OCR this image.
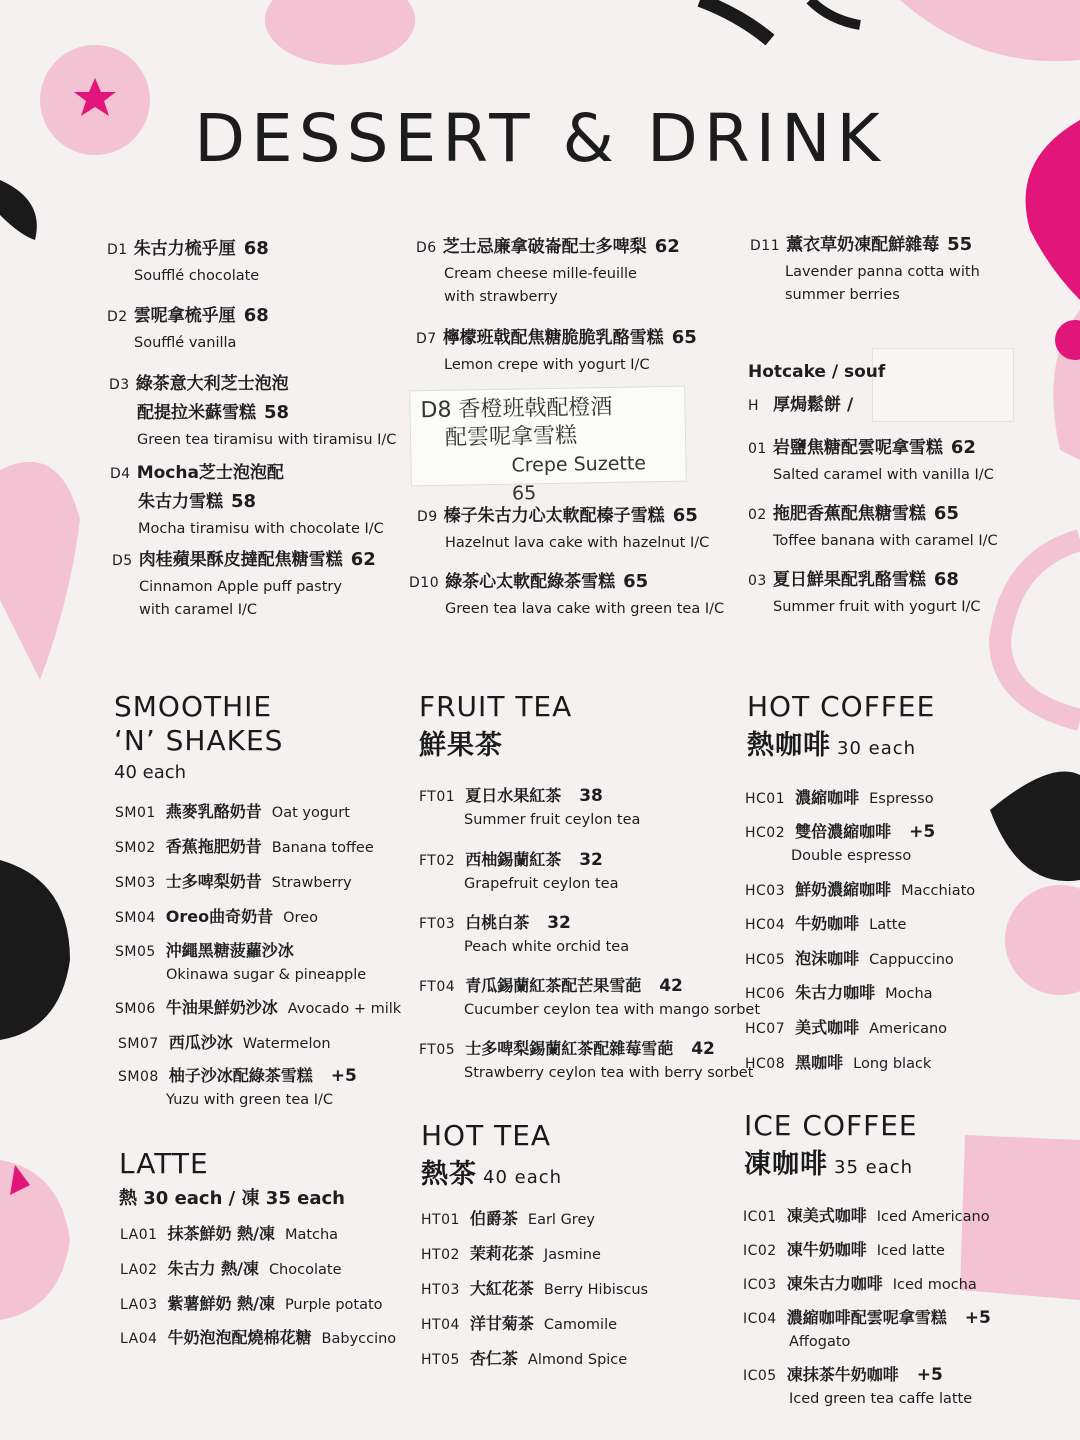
DESSERT & DRINK
D1 朱古力梳乎厘 68
Soufflé chocolate
D2 雲呢拿梳乎厘 68
Soufflé vanilla
D3 綠茶意大利芝士泡泡
配提拉米蘇雪糕 58
Green tea tiramisu with tiramisu I/C
D4 Mocha芝士泡泡配
朱古力雪糕 58
Mocha tiramisu with chocolate I/C
D5 肉桂蘋果酥皮撻配焦糖雪糕 62
Cinnamon Apple puff pastry
with caramel I/C
D6 芝士忌廉拿破崙配士多啤梨 62
Cream cheese mille-feuille
with strawberry
D7 檸檬班戟配焦糖脆脆乳酪雪糕 65
Lemon crepe with yogurt I/C
D8 香橙班戟配橙酒
配雲呢拿雪糕
Crepe Suzette 65
D9 榛子朱古力心太軟配榛子雪糕 65
Hazelnut lava cake with hazelnut I/C
D10 綠茶心太軟配綠茶雪糕 65
Green tea lava cake with green tea I/C
D11 薰衣草奶凍配鮮雜莓 55
Lavender panna cotta with
summer berries
Hotcake / souf
H 厚焗鬆餅 /
01 岩鹽焦糖配雲呢拿雪糕 62
Salted caramel with vanilla I/C
02 拖肥香蕉配焦糖雪糕 65
Toffee banana with caramel I/C
03 夏日鮮果配乳酪雪糕 68
Summer fruit with yogurt I/C
SMOOTHIE
‘N’ SHAKES
40 each
SM01 燕麥乳酪奶昔 Oat yogurt
SM02 香蕉拖肥奶昔 Banana toffee
SM03 士多啤梨奶昔 Strawberry
SM04 Oreo曲奇奶昔 Oreo
SM05 沖繩黑糖菠蘿沙冰
Okinawa sugar & pineapple
SM06 牛油果鮮奶沙冰 Avocado + milk
SM07 西瓜沙冰 Watermelon
SM08 柚子沙冰配綠茶雪糕 +5
Yuzu with green tea I/C
LATTE
熱 30 each / 凍 35 each
LA01 抹茶鮮奶 熱/凍 Matcha
LA02 朱古力 熱/凍 Chocolate
LA03 紫薯鮮奶 熱/凍 Purple potato
LA04 牛奶泡泡配燒棉花糖 Babyccino
FRUIT TEA
鮮果茶
FT01 夏日水果紅茶 38
Summer fruit ceylon tea
FT02 西柚錫蘭紅茶 32
Grapefruit ceylon tea
FT03 白桃白茶 32
Peach white orchid tea
FT04 青瓜錫蘭紅茶配芒果雪葩 42
Cucumber ceylon tea with mango sorbet
FT05 士多啤梨錫蘭紅茶配雜莓雪葩 42
Strawberry ceylon tea with berry sorbet
HOT TEA
熱茶 40 each
HT01 伯爵茶 Earl Grey
HT02 茉莉花茶 Jasmine
HT03 大紅花茶 Berry Hibiscus
HT04 洋甘菊茶 Camomile
HT05 杏仁茶 Almond Spice
HOT COFFEE
熱咖啡 30 each
HC01 濃縮咖啡 Espresso
HC02 雙倍濃縮咖啡 +5
Double espresso
HC03 鮮奶濃縮咖啡 Macchiato
HC04 牛奶咖啡 Latte
HC05 泡沫咖啡 Cappuccino
HC06 朱古力咖啡 Mocha
HC07 美式咖啡 Americano
HC08 黑咖啡 Long black
ICE COFFEE
凍咖啡 35 each
IC01 凍美式咖啡 Iced Americano
IC02 凍牛奶咖啡 Iced latte
IC03 凍朱古力咖啡 Iced mocha
IC04 濃縮咖啡配雲呢拿雪糕 +5
Affogato
IC05 凍抹茶牛奶咖啡 +5
Iced green tea caffe latte
